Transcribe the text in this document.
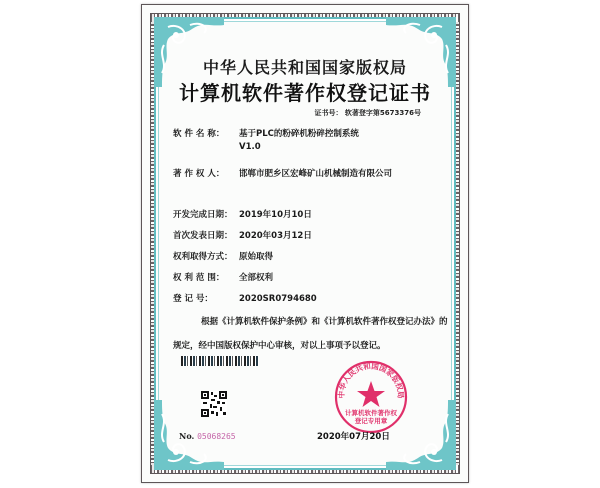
中华人民共和国国家版权局
计算机软件著作权登记证书
证书号： 软著登字第5673376号
软 件 名 称： 基于PLC的粉碎机粉碎控制系统
V1.0
著 作 权 人： 邯郸市肥乡区宏峰矿山机械制造有限公司
开发完成日期： 2019年10月10日
首次发表日期： 2020年03月12日
权利取得方式： 原始取得
权 利 范 围： 全部权利
登 记 号：	2020SR0794680
根据《计算机软件保护条例》和《计算机软件著作权登记办法》的
规定，经中国版权保护中心审核，对以上事项予以登记。
No. 05068265
中华人民共和国国家版权局
计算机软件著作权
登记专用章
2020年07月20日
